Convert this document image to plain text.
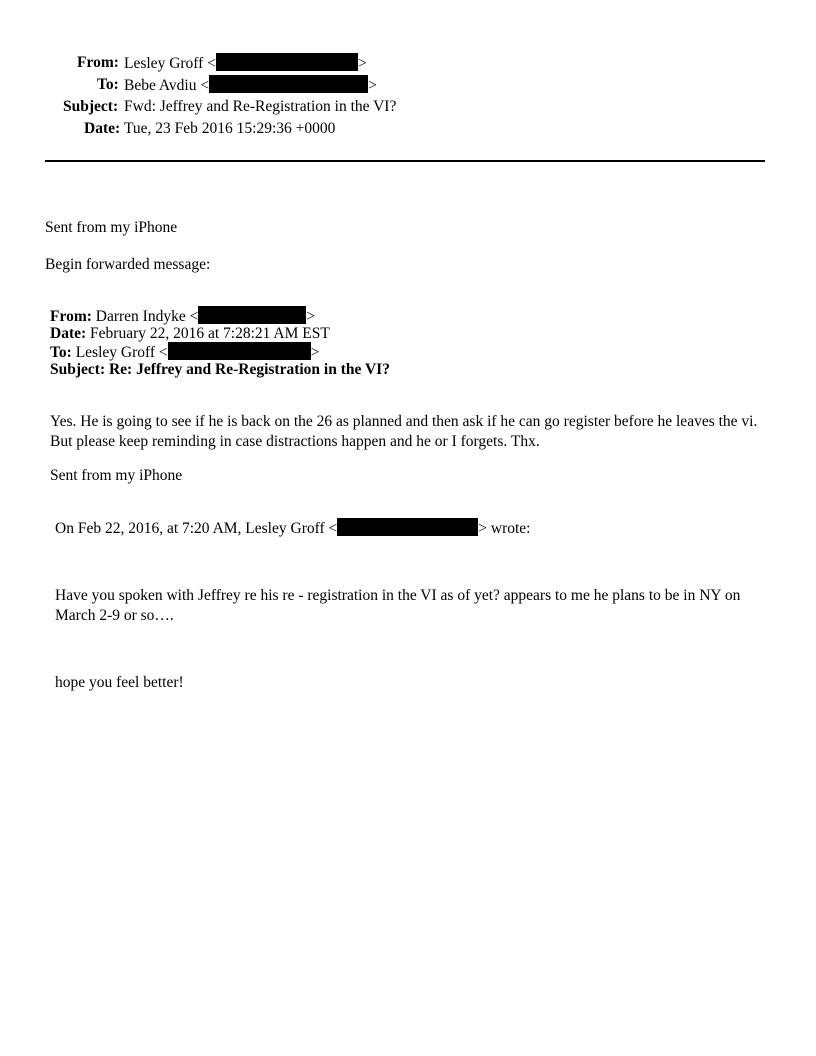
From: Lesley Groff <	>
To: Bebe Avdiu <	>
Subject: Fwd: Jeffrey and Re-Registration in the VI?
Date: Tue, 23 Feb 2016 15:29:36 +0000
Sent from my iPhone
Begin forwarded message:
From: Darren Indyke <	>
Date: February 22, 2016 at 7:28:21 AM EST
To: Lesley Groff <	>
Subject: Re: Jeffrey and Re-Registration in the VI?
Yes. He is going to see if he is back on the 26 as planned and then ask if he can go register before he leaves the vi. But please keep reminding in case distractions happen and he or I forgets. Thx.
Sent from my iPhone
On Feb 22, 2016, at 7:20 AM, Lesley Groff <	> wrote:
Have you spoken with Jeffrey re his re - registration in the VI as of yet? appears to me he plans to be in NY on March 2-9 or so….
hope you feel better!
